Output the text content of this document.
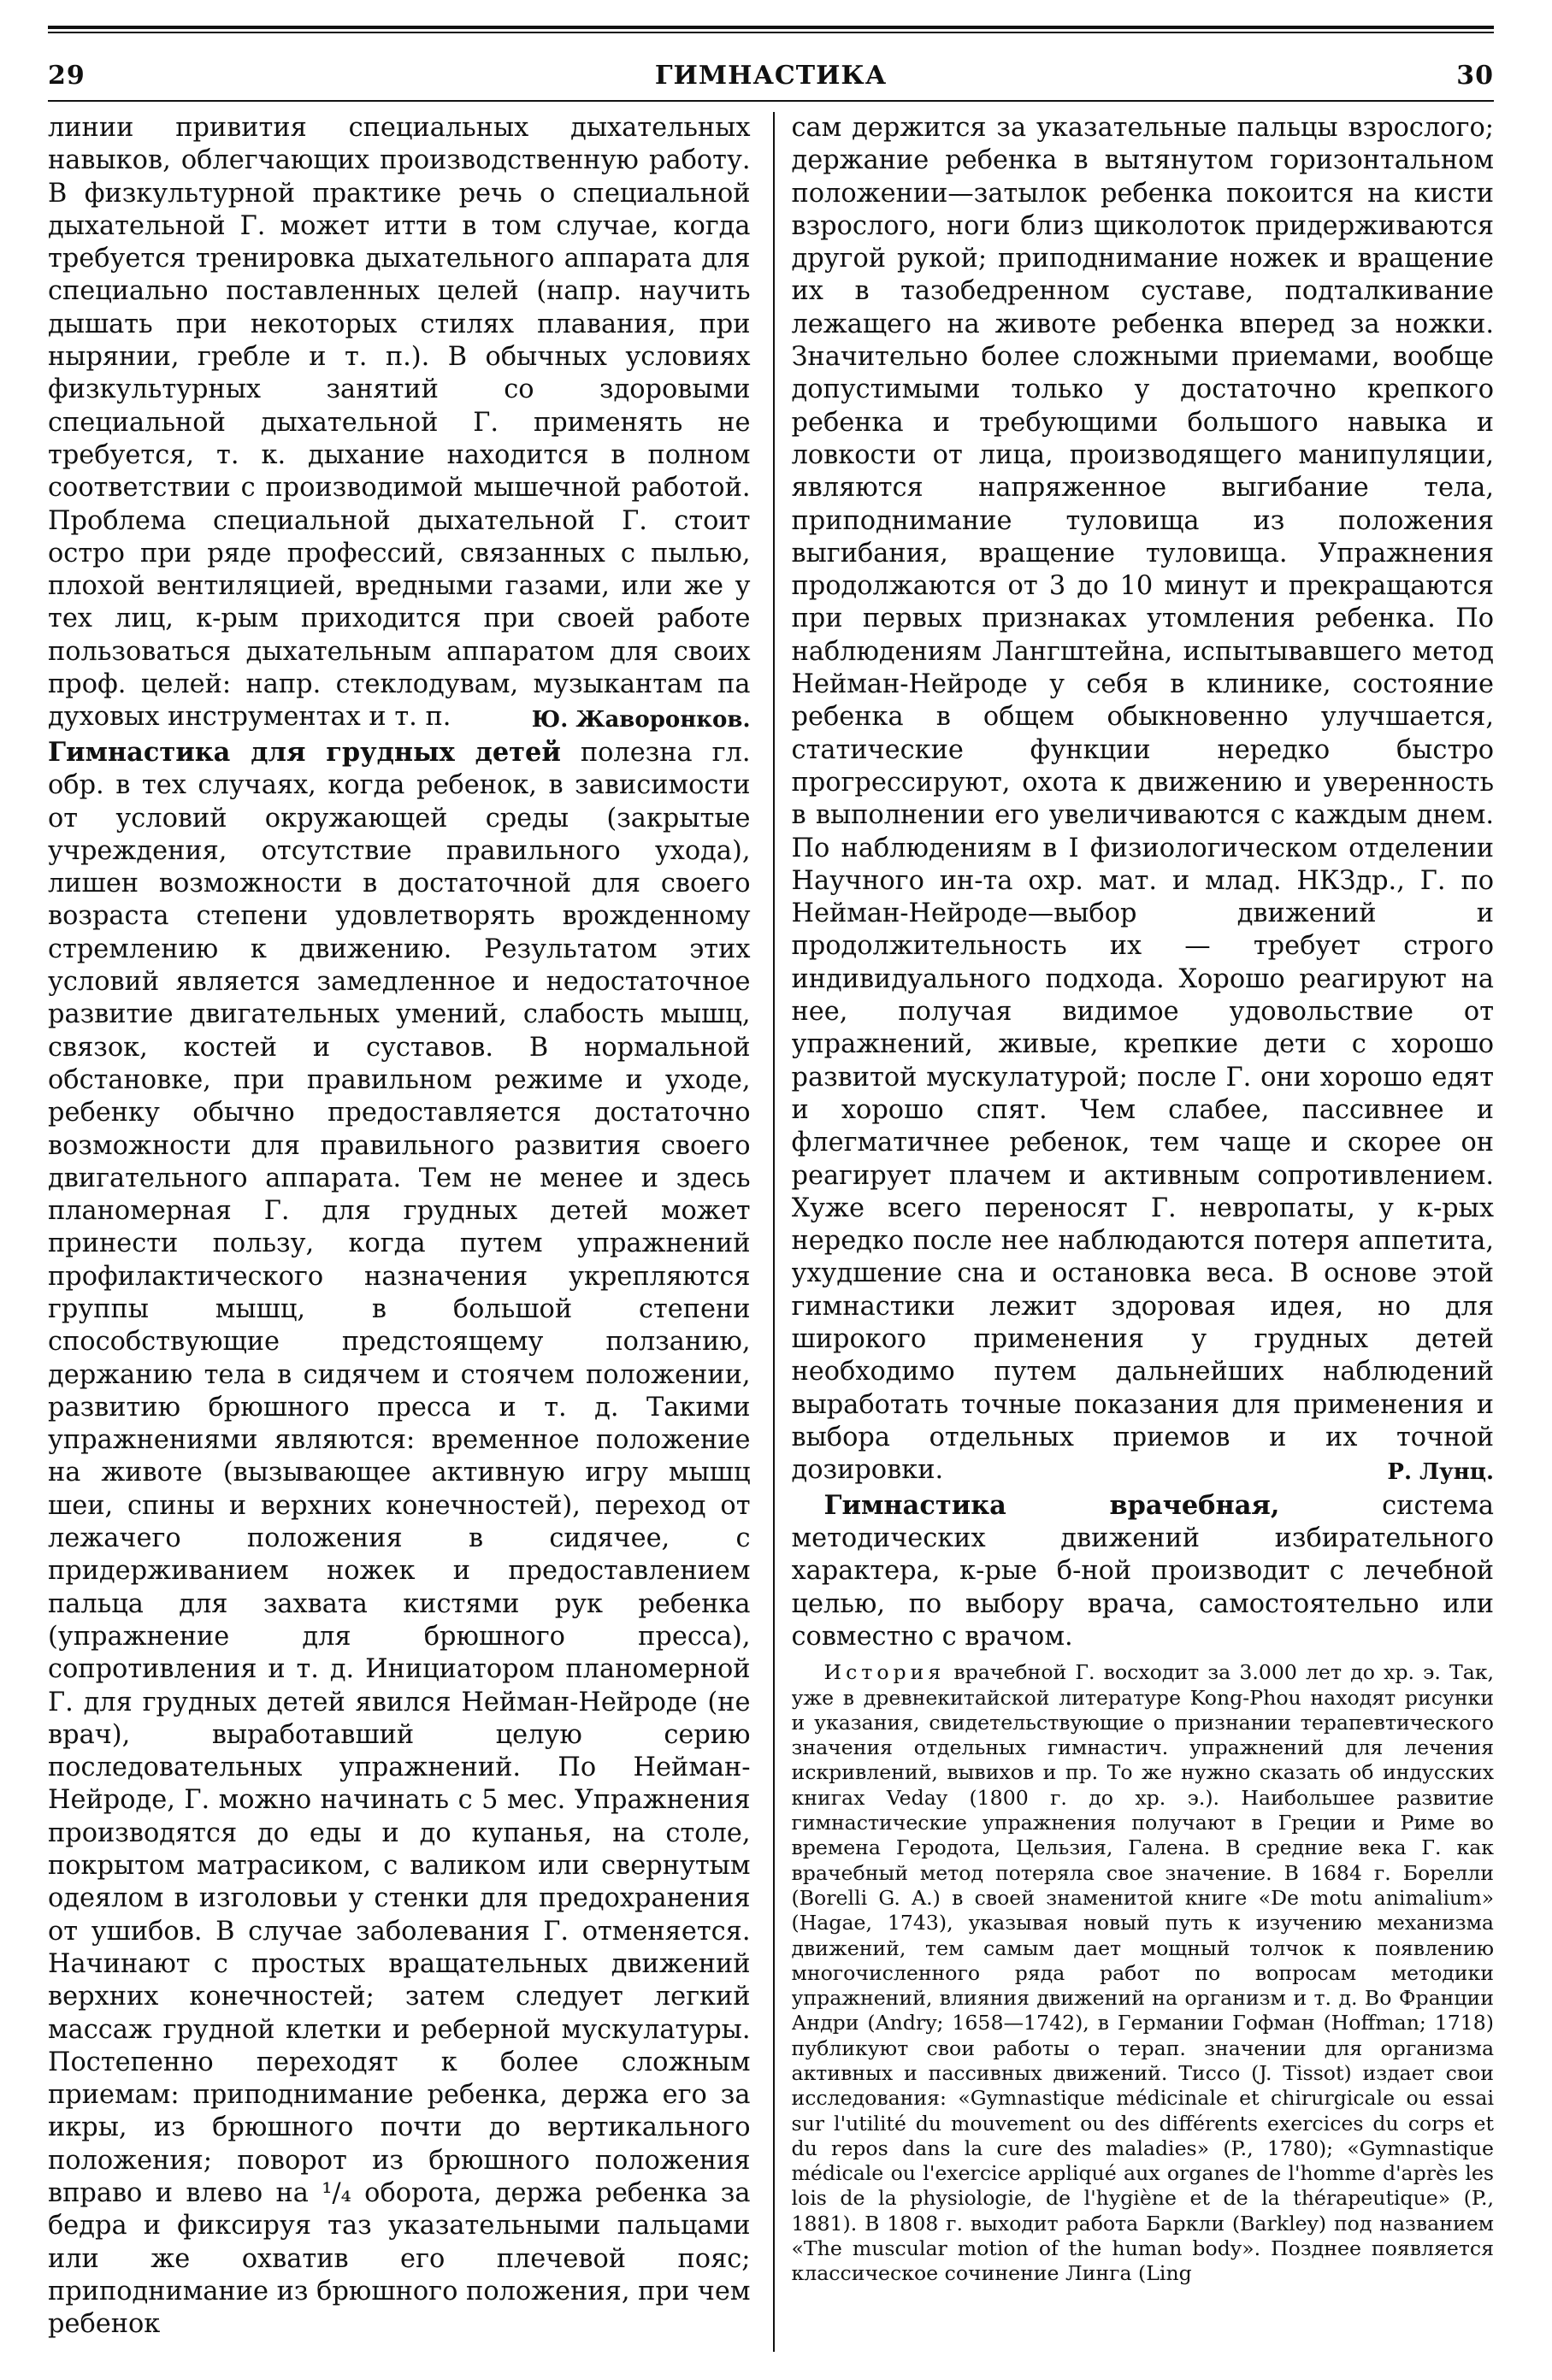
29	ГИМНАСТИКА	30

линии привития специальных дыхательных навыков, облегчающих производственную работу. В физкультурной практике речь о специальной дыхательной Г. может итти в том случае, когда требуется тренировка дыхательного аппарата для специально поставленных целей (напр. научить дышать при некоторых стилях плавания, при нырянии, гребле и т. п.). В обычных условиях физкультурных занятий со здоровыми специальной дыхательной Г. применять не требуется, т. к. дыхание находится в полном соответствии с производимой мышечной работой. Проблема специальной дыхательной Г. стоит остро при ряде профессий, связанных с пылью, плохой вентиляцией, вредными газами, или же у тех лиц, к-рым приходится при своей работе пользоваться дыхательным аппаратом для своих проф. целей: напр. стеклодувам, музыкантам па духовых инструментах и т. п.	Ю. Жаворонков.

Гимнастика для грудных детей полезна гл. обр. в тех случаях, когда ребенок, в зависимости от условий окружающей среды (закрытые учреждения, отсутствие правильного ухода), лишен возможности в достаточной для своего возраста степени удовлетворять врожденному стремлению к движению. Результатом этих условий является замедленное и недостаточное развитие двигательных умений, слабость мышц, связок, костей и суставов. В нормальной обстановке, при правильном режиме и уходе, ребенку обычно предоставляется достаточно возможности для правильного развития своего двигательного аппарата. Тем не менее и здесь планомерная Г. для грудных детей может принести пользу, когда путем упражнений профилактического назначения укрепляются группы мышц, в большой степени способствующие предстоящему ползанию, держанию тела в сидячем и стоячем положении, развитию брюшного пресса и т. д. Такими упражнениями являются: временное положение на животе (вызывающее активную игру мышц шеи, спины и верхних конечностей), переход от лежачего положения в сидячее, с придерживанием ножек и предоставлением пальца для захвата кистями рук ребенка (упражнение для брюшного пресса), сопротивления и т. д. Инициатором планомерной Г. для грудных детей явился Нейман-Нейроде (не врач), выработавший целую серию последовательных упражнений. По Нейман-Нейроде, Г. можно начинать с 5 мес. Упражнения производятся до еды и до купанья, на столе, покрытом матрасиком, с валиком или свернутым одеялом в изголовьи у стенки для предохранения от ушибов. В случае заболевания Г. отменяется. Начинают с простых вращательных движений верхних конечностей; затем следует легкий массаж грудной клетки и реберной мускулатуры. Постепенно переходят к более сложным приемам: приподнимание ребенка, держа его за икры, из брюшного почти до вертикального положения; поворот из брюшного положения вправо и влево на ¹/₄ оборота, держа ребенка за бедра и фиксируя таз указательными пальцами или же охватив его плечевой пояс; приподнимание из брюшного положения, при чем ребенок

сам держится за указательные пальцы взрослого; держание ребенка в вытянутом горизонтальном положении—затылок ребенка покоится на кисти взрослого, ноги близ щиколоток придерживаются другой рукой; приподнимание ножек и вращение их в тазобедренном суставе, подталкивание лежащего на животе ребенка вперед за ножки. Значительно более сложными приемами, вообще допустимыми только у достаточно крепкого ребенка и требующими большого навыка и ловкости от лица, производящего манипуляции, являются напряженное выгибание тела, приподнимание туловища из положения выгибания, вращение туловища. Упражнения продолжаются от 3 до 10 минут и прекращаются при первых признаках утомления ребенка. По наблюдениям Лангштейна, испытывавшего метод Нейман-Нейроде у себя в клинике, состояние ребенка в общем обыкновенно улучшается, статические функции нередко быстро прогрессируют, охота к движению и уверенность в выполнении его увеличиваются с каждым днем. По наблюдениям в I физиологическом отделении Научного ин-та охр. мат. и млад. НКЗдр., Г. по Нейман-Нейроде—выбор движений и продолжительность их — требует строго индивидуального подхода. Хорошо реагируют на нее, получая видимое удовольствие от упражнений, живые, крепкие дети с хорошо развитой мускулатурой; после Г. они хорошо едят и хорошо спят. Чем слабее, пассивнее и флегматичнее ребенок, тем чаще и скорее он реагирует плачем и активным сопротивлением. Хуже всего переносят Г. невропаты, у к-рых нередко после нее наблюдаются потеря аппетита, ухудшение сна и остановка веса. В основе этой гимнастики лежит здоровая идея, но для широкого применения у грудных детей необходимо путем дальнейших наблюдений выработать точные показания для применения и выбора отдельных приемов и их точной дозировки.	Р. Лунц.

Гимнастика врачебная, система методических движений избирательного характера, к-рые б-ной производит с лечебной целью, по выбору врача, самостоятельно или совместно с врачом.

История врачебной Г. восходит за 3.000 лет до хр. э. Так, уже в древнекитайской литературе Kong-Phou находят рисунки и указания, свидетельствующие о признании терапевтического значения отдельных гимнастич. упражнений для лечения искривлений, вывихов и пр. То же нужно сказать об индусских книгах Veday (1800 г. до хр. э.). Наибольшее развитие гимнастические упражнения получают в Греции и Риме во времена Геродота, Цельзия, Галена. В средние века Г. как врачебный метод потеряла свое значение. В 1684 г. Борелли (Borelli G. A.) в своей знаменитой книге «De motu animalium» (Hagae, 1743), указывая новый путь к изучению механизма движений, тем самым дает мощный толчок к появлению многочисленного ряда работ по вопросам методики упражнений, влияния движений на организм и т. д. Во Франции Андри (Andry; 1658—1742), в Германии Гофман (Hoffman; 1718) публикуют свои работы о терап. значении для организма активных и пассивных движений. Тиссо (J. Tissot) издает свои исследования: «Gymnastique médicinale et chirurgicale ou essai sur l'utilité du mouvement ou des différents exercices du corps et du repos dans la cure des maladies» (P., 1780); «Gymnastique médicale ou l'exercice appliqué aux organes de l'homme d'après les lois de la physiologie, de l'hygiène et de la thérapeutique» (P., 1881). В 1808 г. выходит работа Баркли (Barkley) под названием «The muscular motion of the human body». Позднее появляется классическое сочинение Линга (Ling
